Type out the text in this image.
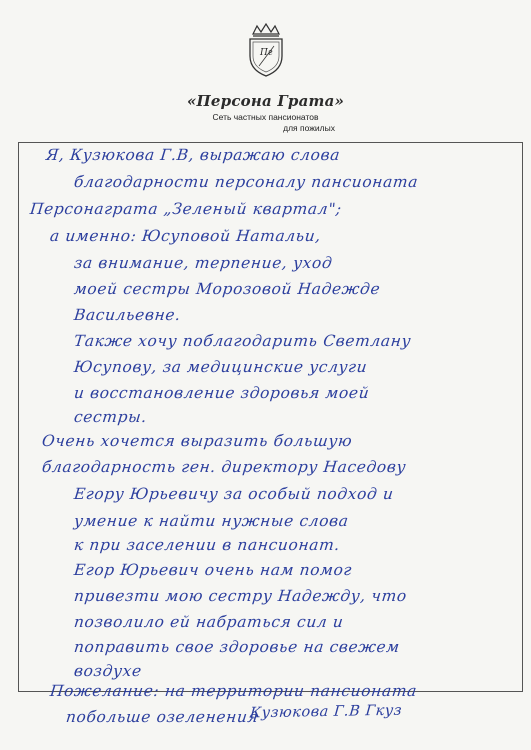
Пг
«Персона Грата»
Сеть частных пансионатов
для пожилых
Я, Кузюкова Г.В, выражаю слова
благодарности персоналу пансионата
Персонаграта „Зеленый квартал";
а именно: Юсуповой Натальи,
за внимание, терпение, уход
моей сестры Морозовой Надежде
Васильевне.
Также хочу поблагодарить Светлану
Юсупову, за медицинские услуги
и восстановление здоровья моей
сестры.
Очень хочется выразить большую
благодарность ген. директору Наседову
Егору Юрьевичу за особый подход и
умение к найти нужные слова
к при заселении в пансионат.
Егор Юрьевич очень нам помог
привезти мою сестру Надежду, что
позволило ей набраться сил и
поправить свое здоровье на свежем
воздухе
Пожелание: на территории пансионата
побольше озеленения
Кузюкова Г.В Гкуз
